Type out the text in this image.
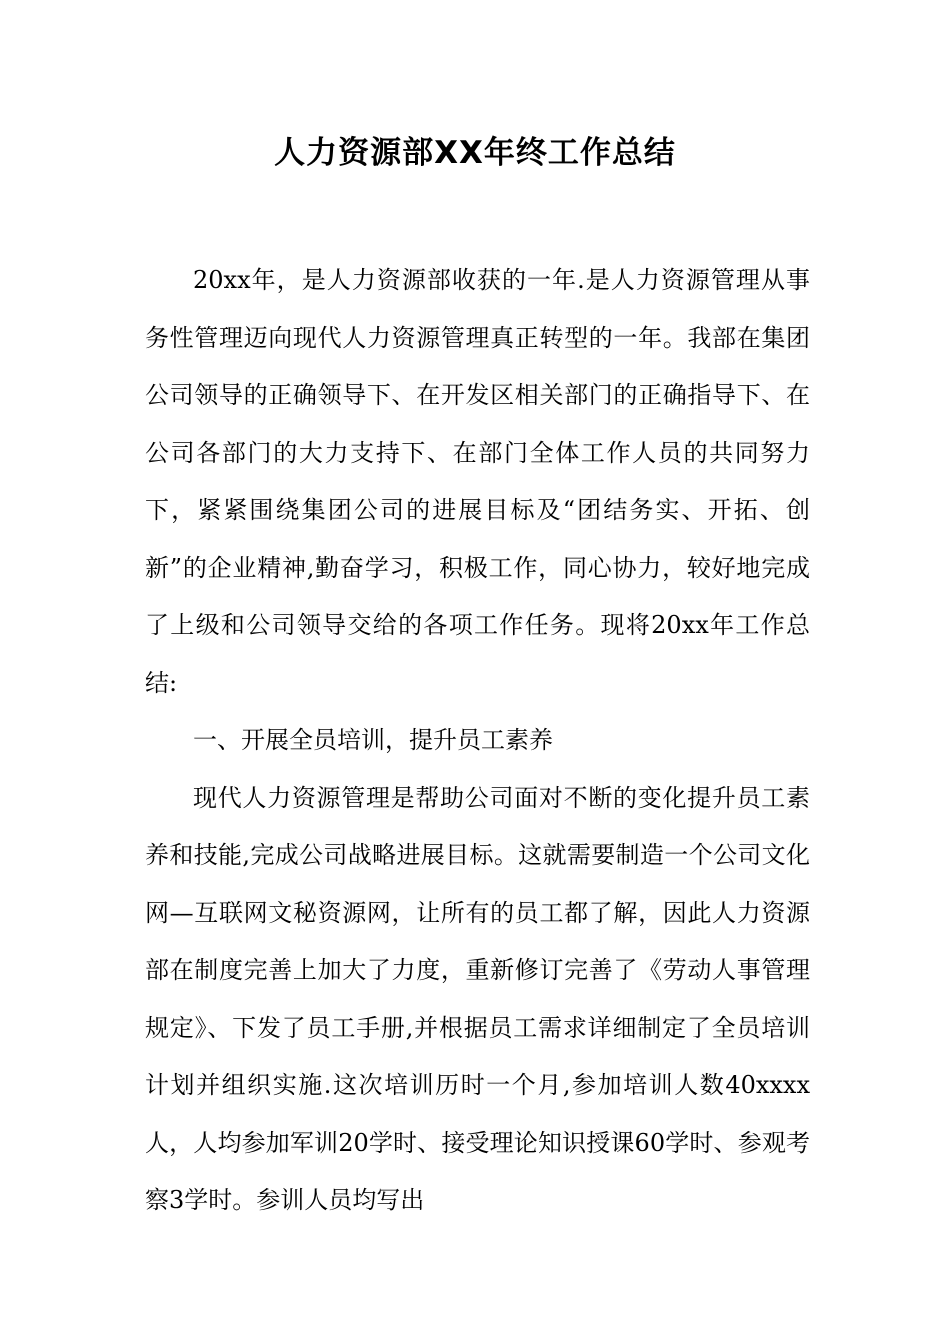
人力资源部XX年终工作总结

20xx年，是人力资源部收获的一年.是人力资源管理从事务性管理迈向现代人力资源管理真正转型的一年。我部在集团公司领导的正确领导下、在开发区相关部门的正确指导下、在公司各部门的大力支持下、在部门全体工作人员的共同努力下，紧紧围绕集团公司的进展目标及“团结务实、开拓、创新”的企业精神,勤奋学习，积极工作，同心协力，较好地完成了上级和公司领导交给的各项工作任务。现将20xx年工作总结:

一、开展全员培训，提升员工素养

现代人力资源管理是帮助公司面对不断的变化提升员工素养和技能,完成公司战略进展目标。这就需要制造一个公司文化网—互联网文秘资源网，让所有的员工都了解，因此人力资源部在制度完善上加大了力度，重新修订完善了《劳动人事管理规定》、下发了员工手册,并根据员工需求详细制定了全员培训计划并组织实施.这次培训历时一个月,参加培训人数40xxxx人，人均参加军训20学时、接受理论知识授课60学时、参观考察3学时。参训人员均写出
